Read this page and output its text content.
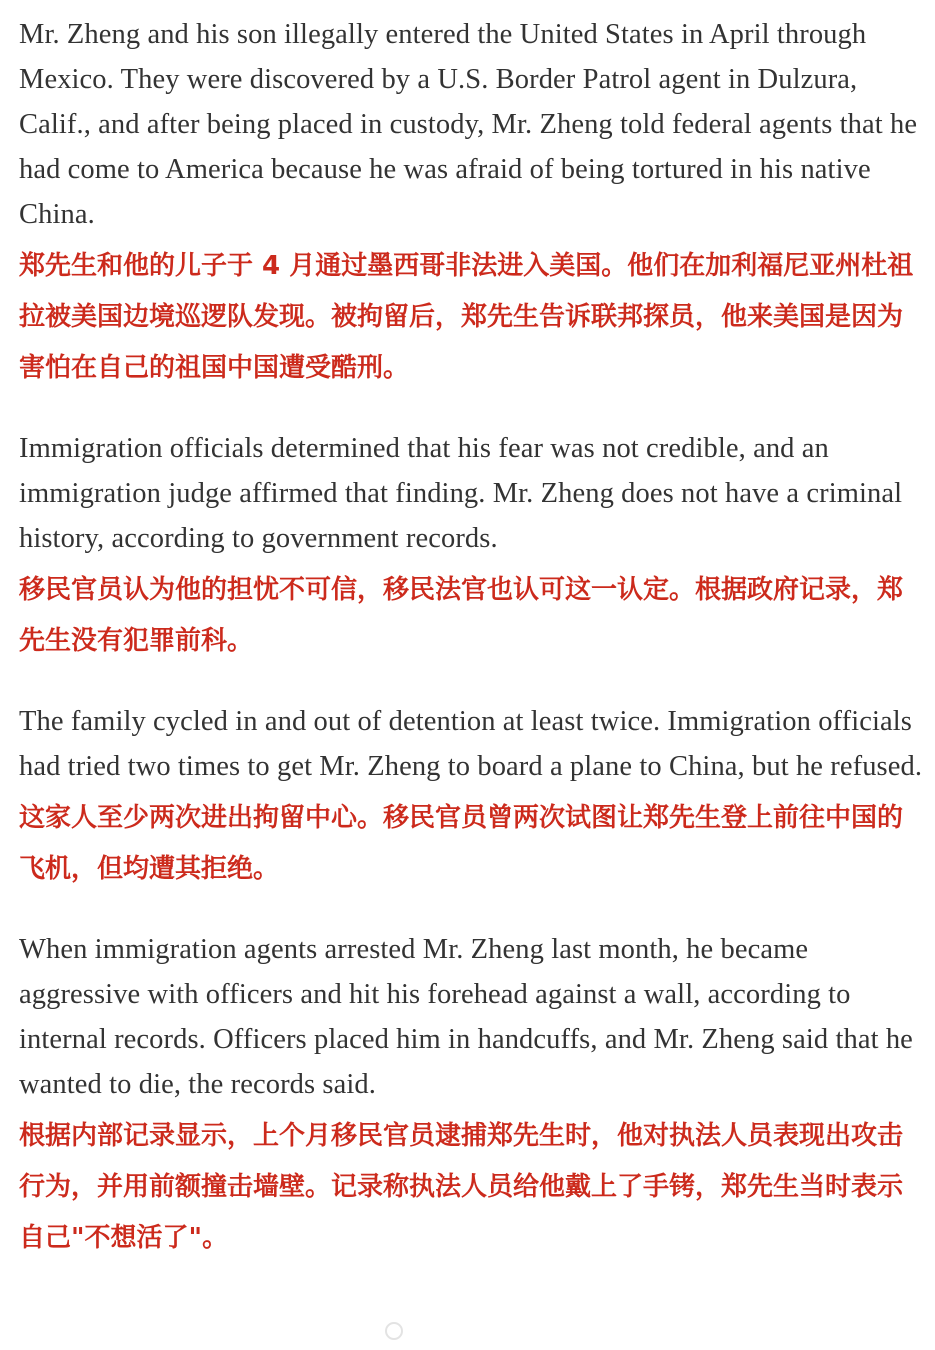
Mr. Zheng and his son illegally entered the United States in April through Mexico. They were discovered by a U.S. Border Patrol agent in Dulzura, Calif., and after being placed in custody, Mr. Zheng told federal agents that he had come to America because he was afraid of being tortured in his native China.

郑先生和他的儿子于 4 月通过墨西哥非法进入美国。他们在加利福尼亚州杜祖拉被美国边境巡逻队发现。被拘留后，郑先生告诉联邦探员，他来美国是因为害怕在自己的祖国中国遭受酷刑。

Immigration officials determined that his fear was not credible, and an immigration judge affirmed that finding. Mr. Zheng does not have a criminal history, according to government records.

移民官员认为他的担忧不可信，移民法官也认可这一认定。根据政府记录，郑先生没有犯罪前科。

The family cycled in and out of detention at least twice. Immigration officials had tried two times to get Mr. Zheng to board a plane to China, but he refused.

这家人至少两次进出拘留中心。移民官员曾两次试图让郑先生登上前往中国的飞机，但均遭其拒绝。

When immigration agents arrested Mr. Zheng last month, he became aggressive with officers and hit his forehead against a wall, according to internal records. Officers placed him in handcuffs, and Mr. Zheng said that he wanted to die, the records said.

根据内部记录显示，上个月移民官员逮捕郑先生时，他对执法人员表现出攻击行为，并用前额撞击墙壁。记录称执法人员给他戴上了手铐，郑先生当时表示自己"不想活了"。
